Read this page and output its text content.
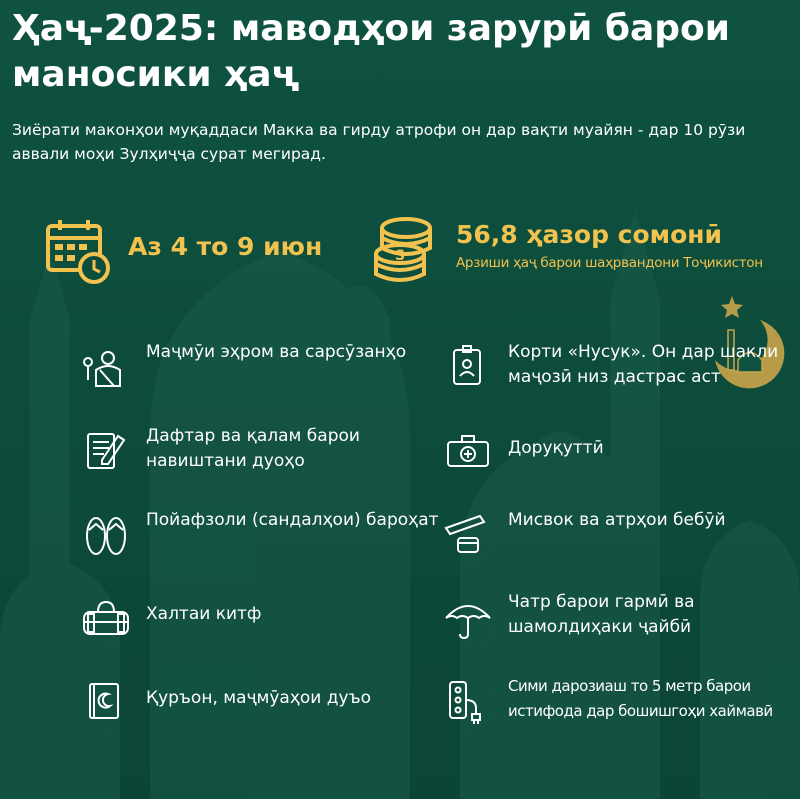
Ҳаҷ-2025: маводҳои зарурӣ барои маносики ҳаҷ

Зиёрати маконҳои муқаддаси Макка ва гирду атрофи он дар вақти муайян - дар 10 рӯзи аввали моҳи Зулҳиҷҷа сурат мегирад.

Аз 4 то 9 июн	S
56,8 ҳазор сомонӣ
Арзиши ҳаҷ барои шаҳрвандони Тоҷикистон
Маҷмӯи эҳром ва сарсӯзанҳо
Дафтар ва қалам барои навиштани дуоҳо
Пойафзоли (сандалҳои) бароҳат
Халтаи китф
Қуръон, маҷмӯаҳои дуъо
Корти «Нусук». Он дар шакли маҷозӣ низ дастрас аст
Доруқуттӣ
Мисвок ва атрҳои бебӯй
Чатр барои гармӣ ва шамолдиҳаки ҷайбӣ
Сими дарозиаш то 5 метр барои истифода дар бошишгоҳи хаймавӣ
